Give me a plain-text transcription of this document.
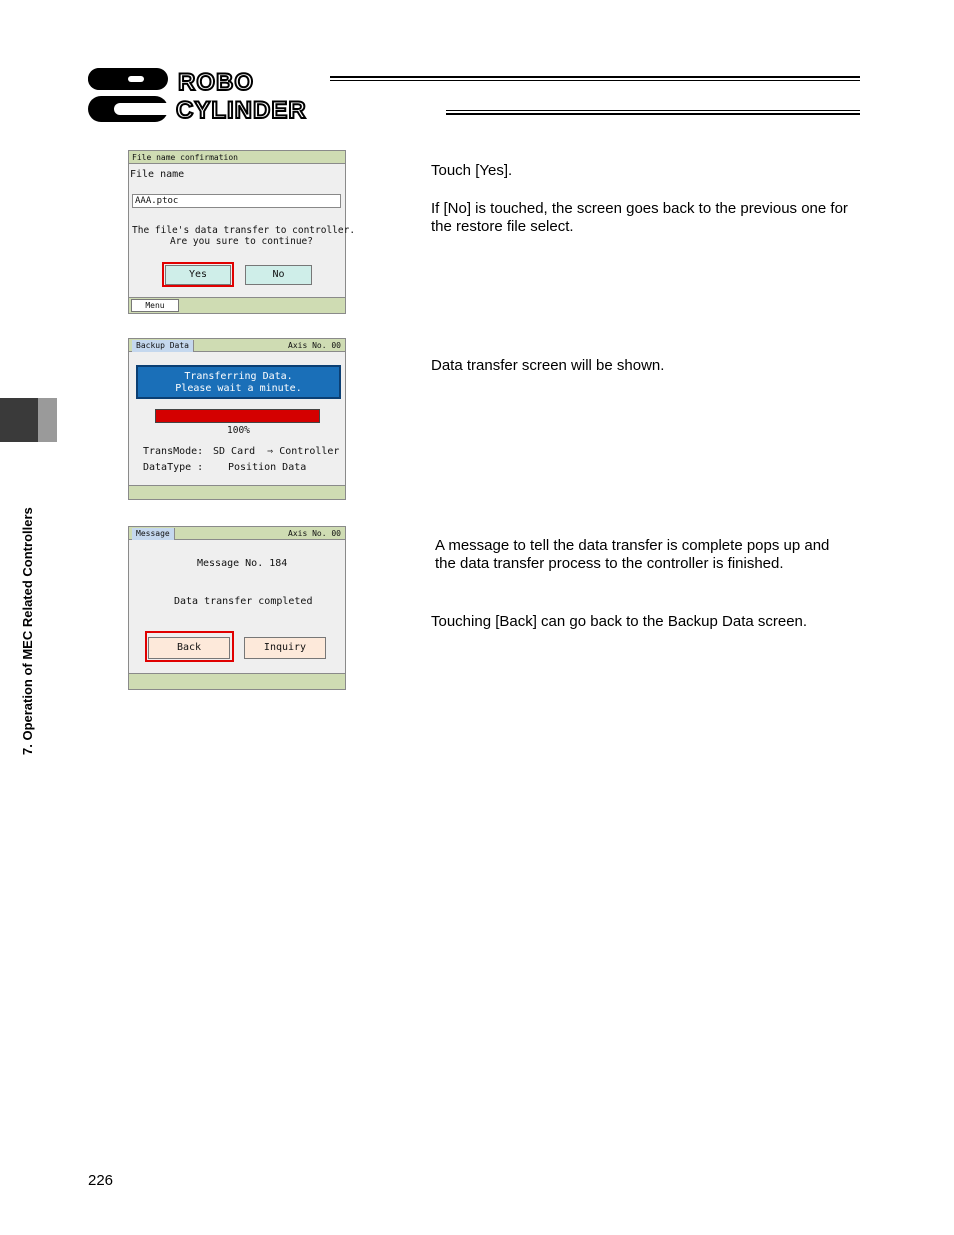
ROBO
CYLINDER
7. Operation of MEC Related Controllers
File name confirmation
File name
AAA.ptoc
The file's data transfer to controller.
Are you sure to continue?
Yes	No
Menu
Backup Data	Axis No. 00
Transferring Data.
Please wait a minute.
100%
TransMode: SD Card  ⇒ Controller
DataType : Position Data
Message	Axis No. 00
Message No. 184
Data transfer completed
Back	Inquiry
Touch [Yes].
If [No] is touched, the screen goes back to the previous one for
the restore file select.
Data transfer screen will be shown.
A message to tell the data transfer is complete pops up and
the data transfer process to the controller is finished.
Touching [Back] can go back to the Backup Data screen.
226
